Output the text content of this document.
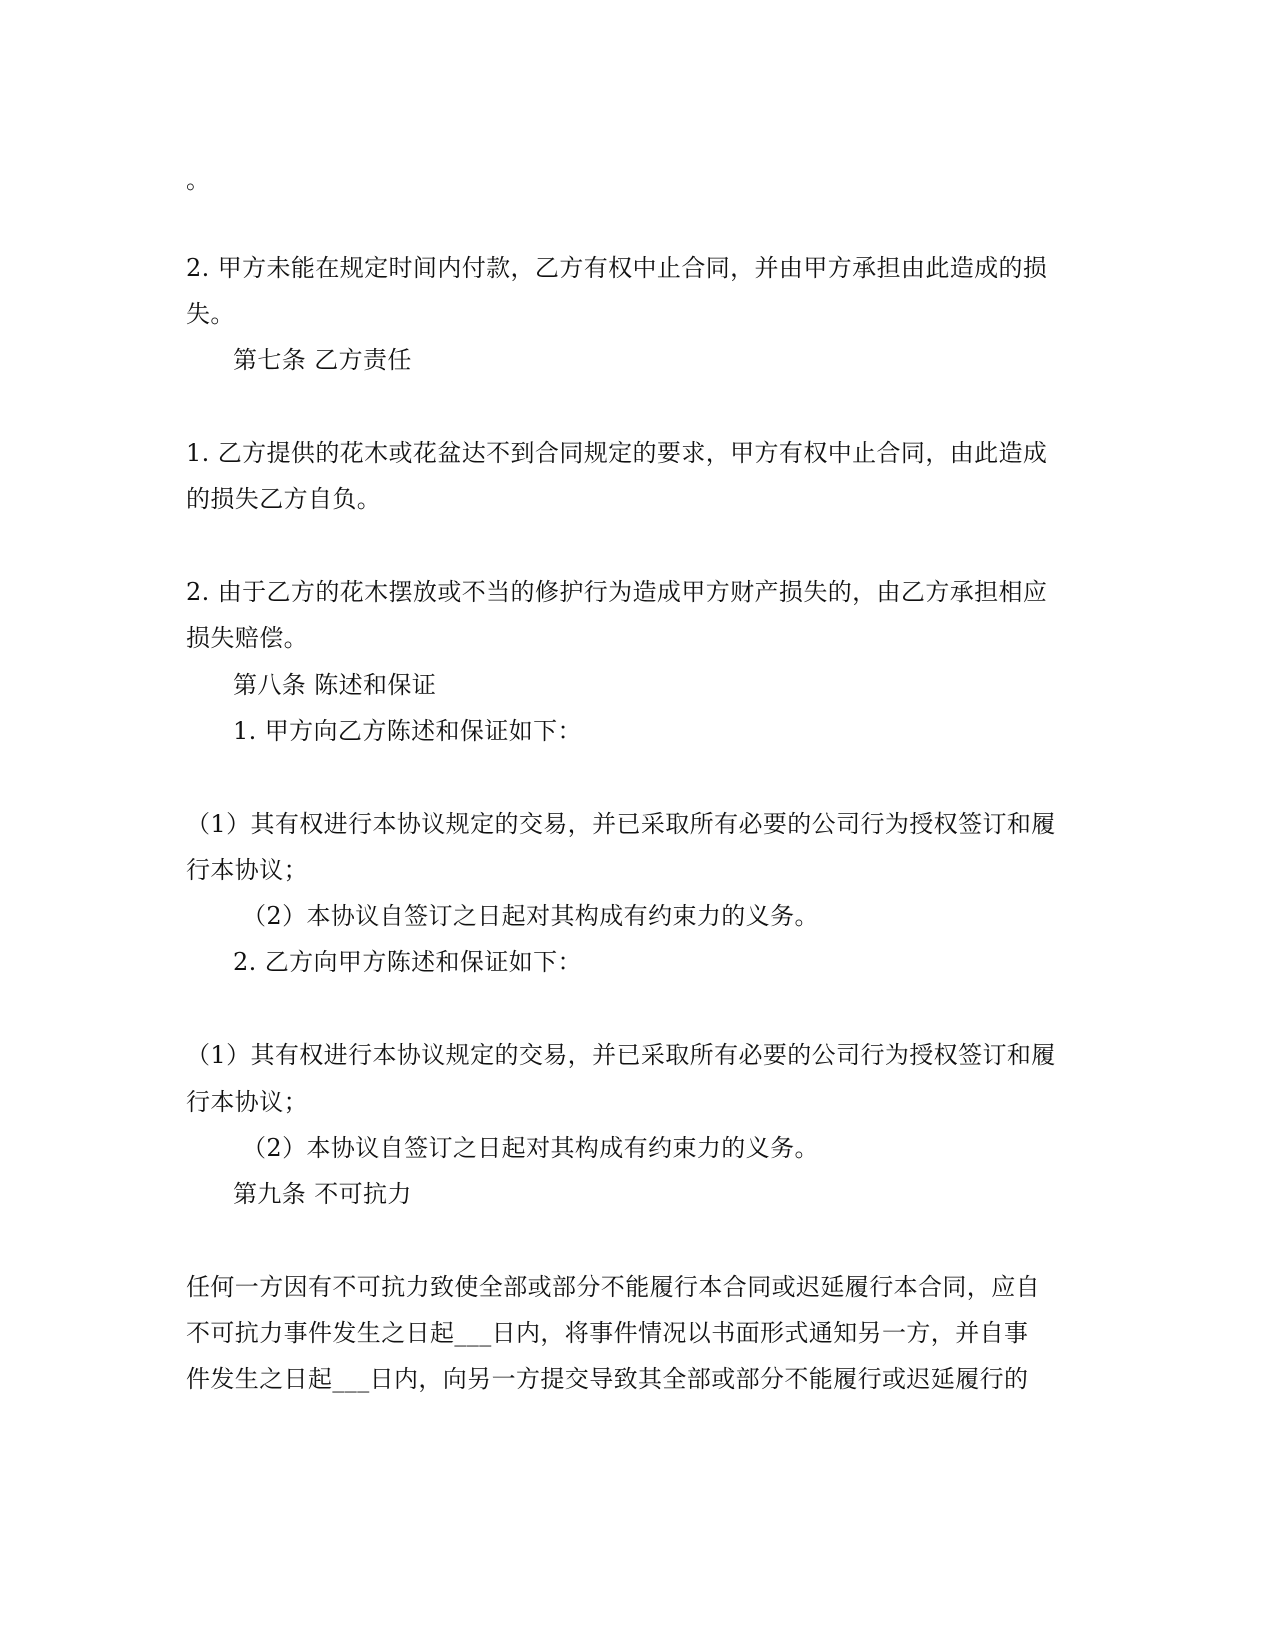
。
2. 甲方未能在规定时间内付款，乙方有权中止合同，并由甲方承担由此造成的损
失。
第七条 乙方责任
1. 乙方提供的花木或花盆达不到合同规定的要求，甲方有权中止合同，由此造成
的损失乙方自负。
2. 由于乙方的花木摆放或不当的修护行为造成甲方财产损失的，由乙方承担相应
损失赔偿。
第八条 陈述和保证
1. 甲方向乙方陈述和保证如下：
（1）其有权进行本协议规定的交易，并已采取所有必要的公司行为授权签订和履
行本协议；
（2）本协议自签订之日起对其构成有约束力的义务。
2. 乙方向甲方陈述和保证如下：
（1）其有权进行本协议规定的交易，并已采取所有必要的公司行为授权签订和履
行本协议；
（2）本协议自签订之日起对其构成有约束力的义务。
第九条 不可抗力
任何一方因有不可抗力致使全部或部分不能履行本合同或迟延履行本合同，应自
不可抗力事件发生之日起___日内，将事件情况以书面形式通知另一方，并自事
件发生之日起___日内，向另一方提交导致其全部或部分不能履行或迟延履行的
